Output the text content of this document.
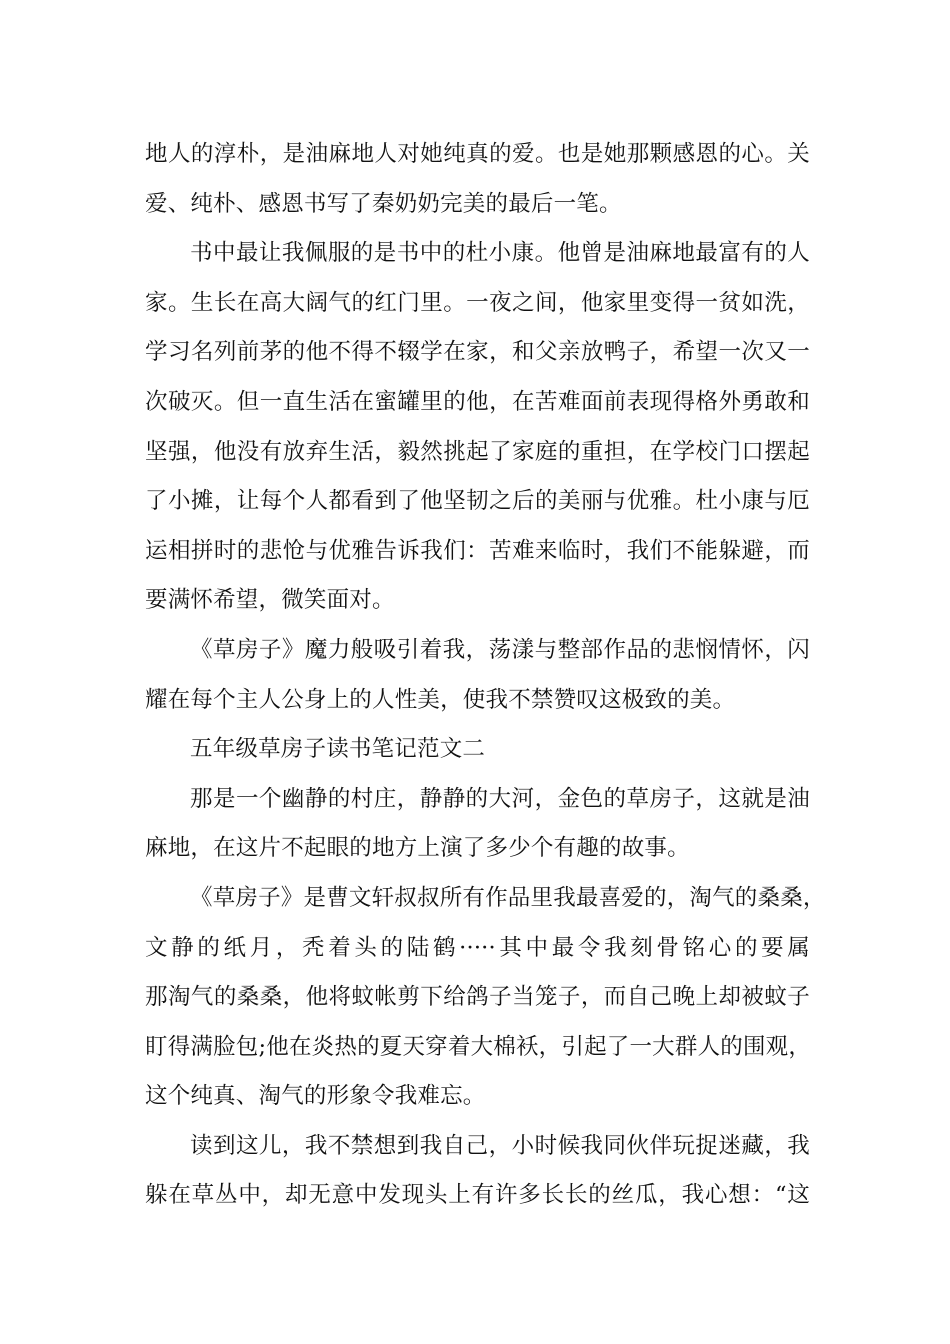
地人的淳朴，是油麻地人对她纯真的爱。也是她那颗感恩的心。关
爱、纯朴、感恩书写了秦奶奶完美的最后一笔。
书中最让我佩服的是书中的杜小康。他曾是油麻地最富有的人
家。生长在高大阔气的红门里。一夜之间，他家里变得一贫如洗，
学习名列前茅的他不得不辍学在家，和父亲放鸭子，希望一次又一
次破灭。但一直生活在蜜罐里的他，在苦难面前表现得格外勇敢和
坚强，他没有放弃生活，毅然挑起了家庭的重担，在学校门口摆起
了小摊，让每个人都看到了他坚韧之后的美丽与优雅。杜小康与厄
运相拼时的悲怆与优雅告诉我们：苦难来临时，我们不能躲避，而
要满怀希望，微笑面对。
《草房子》魔力般吸引着我，荡漾与整部作品的悲悯情怀，闪
耀在每个主人公身上的人性美，使我不禁赞叹这极致的美。
五年级草房子读书笔记范文二
那是一个幽静的村庄，静静的大河，金色的草房子，这就是油
麻地，在这片不起眼的地方上演了多少个有趣的故事。
《草房子》是曹文轩叔叔所有作品里我最喜爱的，淘气的桑桑，
文静的纸月，秃着头的陆鹤·····其中最令我刻骨铭心的要属
那淘气的桑桑，他将蚊帐剪下给鸽子当笼子，而自己晚上却被蚊子
盯得满脸包;他在炎热的夏天穿着大棉袄，引起了一大群人的围观，
这个纯真、淘气的形象令我难忘。
读到这儿，我不禁想到我自己，小时候我同伙伴玩捉迷藏，我
躲在草丛中，却无意中发现头上有许多长长的丝瓜，我心想：“这
